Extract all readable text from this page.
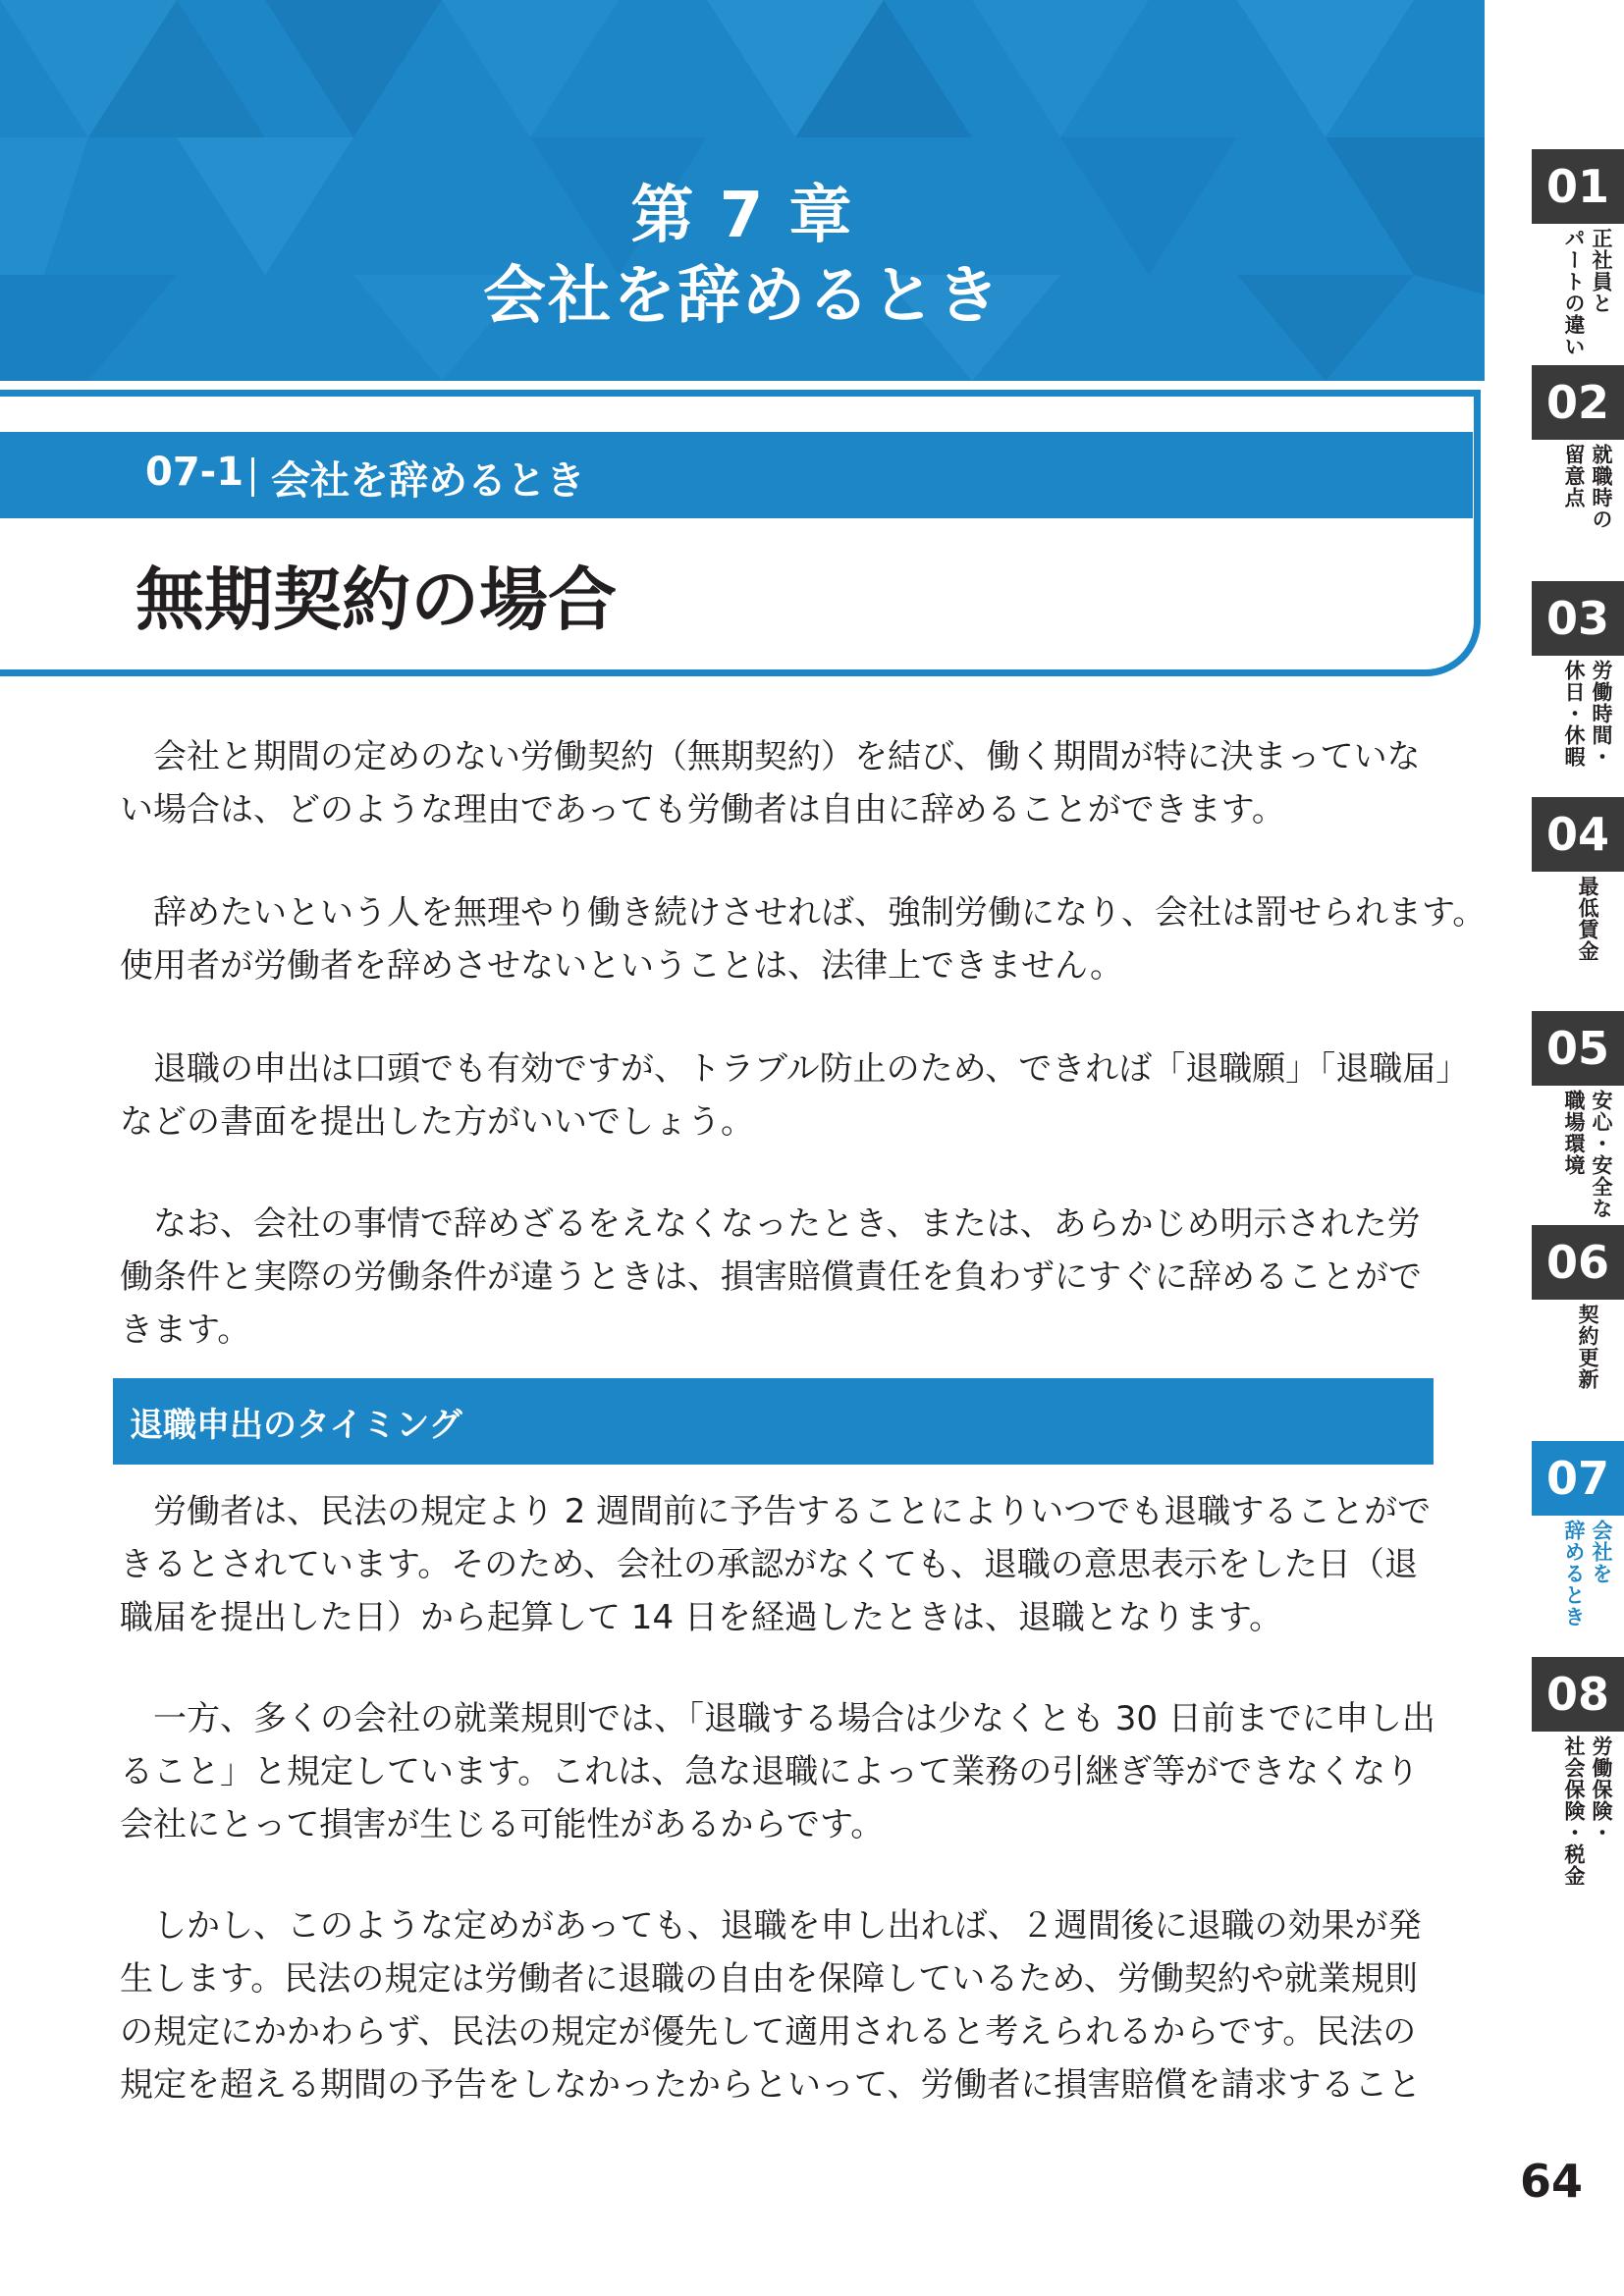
第 7 章
会社を辞めるとき
07-1 会社を辞めるとき
無期契約の場合
　会社と期間の定めのない労働契約（無期契約）を結び、働く期間が特に決まっていな
い場合は、どのような理由であっても労働者は自由に辞めることができます。
　辞めたいという人を無理やり働き続けさせれば、強制労働になり、会社は罰せられます。
使用者が労働者を辞めさせないということは、法律上できません。
　退職の申出は口頭でも有効ですが、トラブル防止のため、できれば「退職願」「退職届」
などの書面を提出した方がいいでしょう。
　なお、会社の事情で辞めざるをえなくなったとき、または、あらかじめ明示された労
働条件と実際の労働条件が違うときは、損害賠償責任を負わずにすぐに辞めることがで
きます。
退職申出のタイミング
　労働者は、民法の規定より 2 週間前に予告することによりいつでも退職することがで
きるとされています。そのため、会社の承認がなくても、退職の意思表示をした日（退
職届を提出した日）から起算して 14 日を経過したときは、退職となります。
　一方、多くの会社の就業規則では、「退職する場合は少なくとも 30 日前までに申し出
ること」と規定しています。これは、急な退職によって業務の引継ぎ等ができなくなり
会社にとって損害が生じる可能性があるからです。
　しかし、このような定めがあっても、退職を申し出れば、２週間後に退職の効果が発
生します。民法の規定は労働者に退職の自由を保障しているため、労働契約や就業規則
の規定にかかわらず、民法の規定が優先して適用されると考えられるからです。民法の
規定を超える期間の予告をしなかったからといって、労働者に損害賠償を請求すること
01
正社員と
パートの違い
02
就職時の
留意点
03
労働時間・
休日・休暇
04
最低賃金
05
安心・安全な
職場環境
06
契約更新
07
会社を
辞めるとき
08
労働保険・
社会保険・税金
64
